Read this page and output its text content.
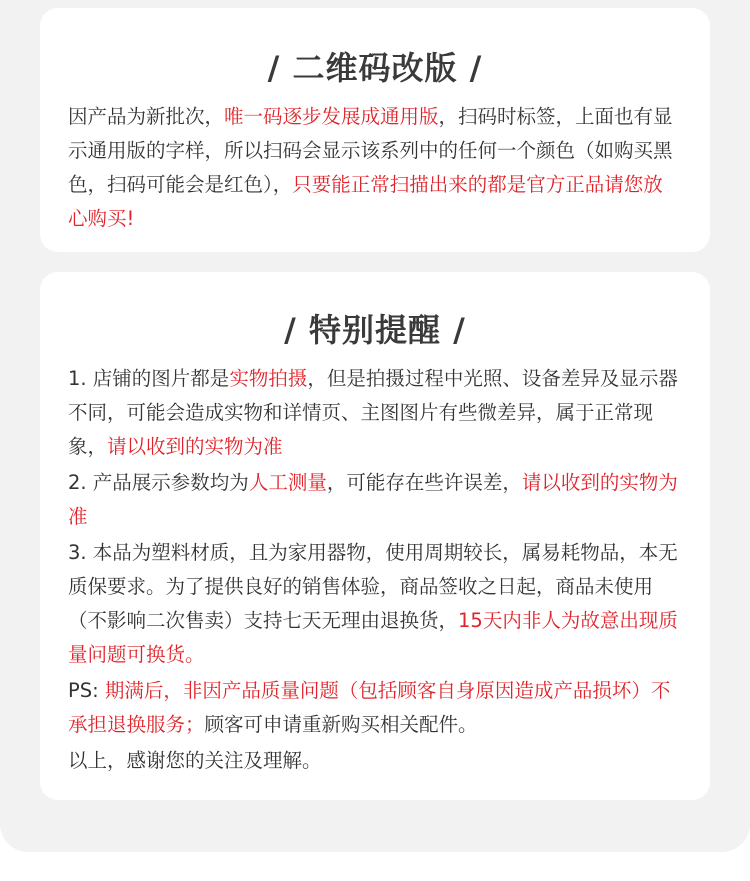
/ 二维码改版 /
因产品为新批次，唯一码逐步发展成通用版，扫码时标签，上面也有显示通用版的字样，所以扫码会显示该系列中的任何一个颜色（如购买黑色，扫码可能会是红色），只要能正常扫描出来的都是官方正品请您放心购买!
/ 特别提醒 /
1. 店铺的图片都是实物拍摄，但是拍摄过程中光照、设备差异及显示器不同，可能会造成实物和详情页、主图图片有些微差异，属于正常现象，请以收到的实物为准
2. 产品展示参数均为人工测量，可能存在些许误差，请以收到的实物为准
3. 本品为塑料材质，且为家用器物，使用周期较长，属易耗物品，本无质保要求。为了提供良好的销售体验，商品签收之日起，商品未使用（不影响二次售卖）支持七天无理由退换货，15天内非人为故意出现质量问题可换货。
PS: 期满后，非因产品质量问题（包括顾客自身原因造成产品损坏）不承担退换服务；顾客可申请重新购买相关配件。
以上，感谢您的关注及理解。
